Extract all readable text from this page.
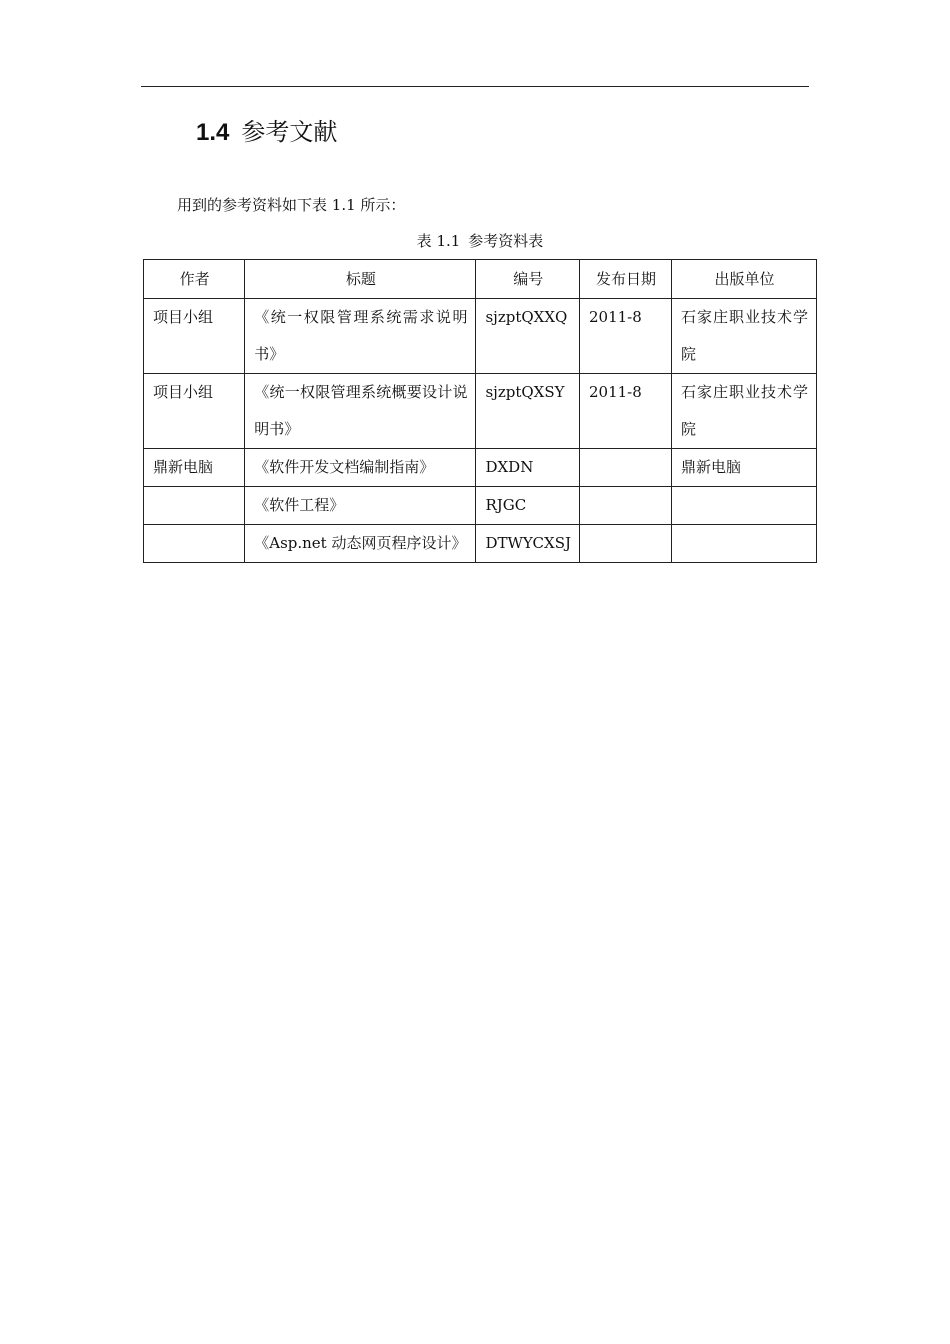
1.4 参考文献
用到的参考资料如下表 1.1 所示：
表 1.1 参考资料表
作者	标题	编号	发布日期	出版单位

项目小组	《统一权限管理系统需求说明书》	sjzptQXXQ	2011-8	石家庄职业技术学院

项目小组	《统一权限管理系统概要设计说明书》	sjzptQXSY	2011-8	石家庄职业技术学院

鼎新电脑	《软件开发文档编制指南》	DXDN		鼎新电脑

	《软件工程》	RJGC		

	《Asp.net 动态网页程序设计》	DTWYCXSJ		
